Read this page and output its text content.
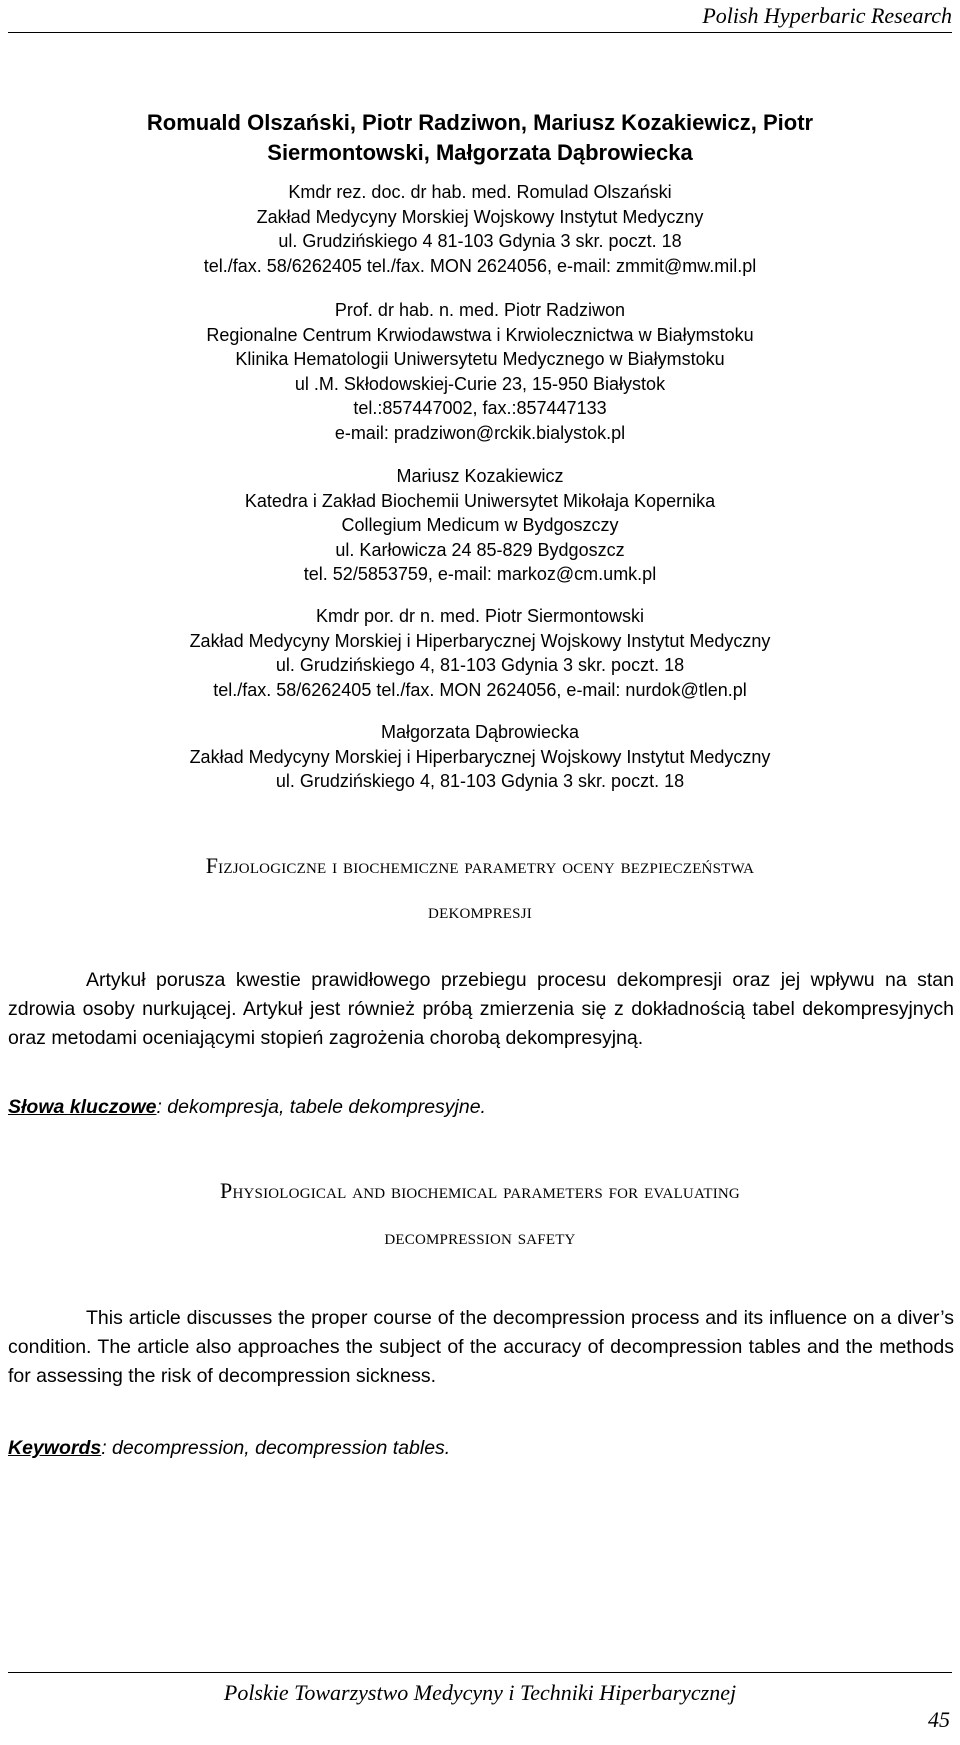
Polish Hyperbaric Research
Romuald Olszański, Piotr Radziwon, Mariusz Kozakiewicz, Piotr
Siermontowski, Małgorzata Dąbrowiecka
Kmdr rez. doc. dr hab. med. Romulad Olszański
Zakład Medycyny Morskiej Wojskowy Instytut Medyczny
ul. Grudzińskiego 4 81-103 Gdynia 3 skr. poczt. 18
tel./fax. 58/6262405 tel./fax. MON 2624056, e-mail: zmmit@mw.mil.pl
Prof. dr hab. n. med. Piotr Radziwon
Regionalne Centrum Krwiodawstwa i Krwiolecznictwa w Białymstoku
Klinika Hematologii Uniwersytetu Medycznego w Białymstoku
ul .M. Skłodowskiej-Curie 23, 15-950 Białystok
tel.:857447002, fax.:857447133
e-mail: pradziwon@rckik.bialystok.pl
Mariusz Kozakiewicz
Katedra i Zakład Biochemii Uniwersytet Mikołaja Kopernika
Collegium Medicum w Bydgoszczy
ul. Karłowicza 24 85-829 Bydgoszcz
tel. 52/5853759, e-mail: markoz@cm.umk.pl
Kmdr por. dr n. med. Piotr Siermontowski
Zakład Medycyny Morskiej i Hiperbarycznej Wojskowy Instytut Medyczny
ul. Grudzińskiego 4, 81-103 Gdynia 3 skr. poczt. 18
tel./fax. 58/6262405 tel./fax. MON 2624056, e-mail: nurdok@tlen.pl
Małgorzata Dąbrowiecka
Zakład Medycyny Morskiej i Hiperbarycznej Wojskowy Instytut Medyczny
ul. Grudzińskiego 4, 81-103 Gdynia 3 skr. poczt. 18
Fizjologiczne i biochemiczne parametry oceny bezpieczeństwa
dekompresji
Artykuł porusza kwestie prawidłowego przebiegu procesu dekompresji oraz jej wpływu na stan zdrowia osoby nurkującej. Artykuł jest również próbą zmierzenia się z dokładnością tabel dekompresyjnych oraz metodami oceniającymi stopień zagrożenia chorobą dekompresyjną.
Słowa kluczowe: dekompresja, tabele dekompresyjne.
Physiological and biochemical parameters for evaluating
decompression safety
This article discusses the proper course of the decompression process and its influence on a diver’s condition. The article also approaches the subject of the accuracy of decompression tables and the methods for assessing the risk of decompression sickness.
Keywords: decompression, decompression tables.
Polskie Towarzystwo Medycyny i Techniki Hiperbarycznej
45
